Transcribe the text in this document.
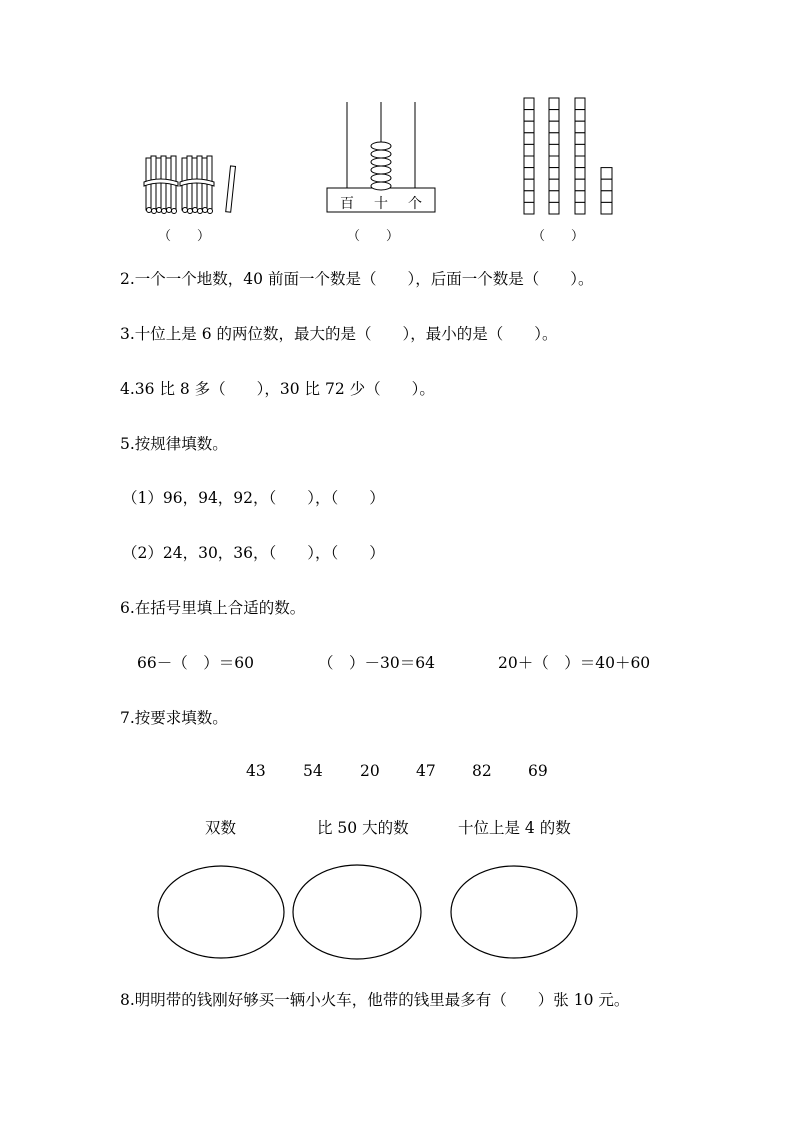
百 十 个
（　　）	（　　）	（　　）
2.一个一个地数，40 前面一个数是（　　），后面一个数是（　　）。
3.十位上是 6 的两位数，最大的是（　　），最小的是（　　）。
4.36 比 8 多（　　），30 比 72 少（　　）。
5.按规律填数。
（1）96，94，92，（　　），（　　）
（2）24，30，36，（　　），（　　）
6.在括号里填上合适的数。
66－（　）＝60	（　）－30＝64	20＋（　）＝40＋60
7.按要求填数。
43 54 20 47 82 69
双数	比 50 大的数	十位上是 4 的数
8.明明带的钱刚好够买一辆小火车，他带的钱里最多有（　　）张 10 元。
